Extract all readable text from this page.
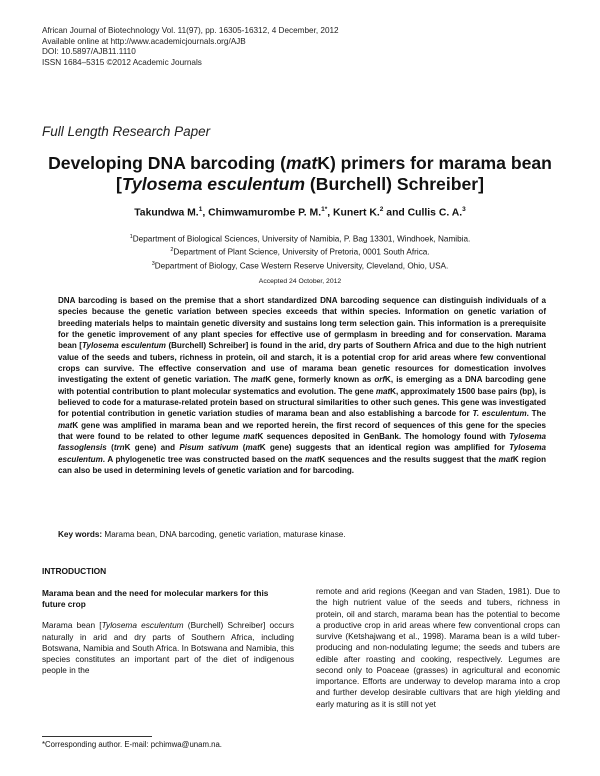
African Journal of Biotechnology Vol. 11(97), pp. 16305-16312, 4 December, 2012
Available online at http://www.academicjournals.org/AJB
DOI: 10.5897/AJB11.1110
ISSN 1684–5315 ©2012 Academic Journals
Full Length Research Paper
Developing DNA barcoding (matK) primers for marama bean [Tylosema esculentum (Burchell) Schreiber]
Takundwa M.$^1$, Chimwamurombe P. M.$^{1*}$, Kunert K.$^2$ and Cullis C. A.$^3$
$^1$Department of Biological Sciences, University of Namibia, P. Bag 13301, Windhoek, Namibia.
$^2$Department of Plant Science, University of Pretoria, 0001 South Africa.
$^3$Department of Biology, Case Western Reserve University, Cleveland, Ohio, USA.
Accepted 24 October, 2012
DNA barcoding is based on the premise that a short standardized DNA barcoding sequence can distinguish individuals of a species because the genetic variation between species exceeds that within species. Information on genetic variation of breeding materials helps to maintain genetic diversity and sustains long term selection gain. This information is a prerequisite for the genetic improvement of any plant species for effective use of germplasm in breeding and for conservation. Marama bean [Tylosema esculentum (Burchell) Schreiber] is found in the arid, dry parts of Southern Africa and due to the high nutrient value of the seeds and tubers, richness in protein, oil and starch, it is a potential crop for arid areas where few conventional crops can survive. The effective conservation and use of marama bean genetic resources for domestication involves investigating the extent of genetic variation. The matK gene, formerly known as orfK, is emerging as a DNA barcoding gene with potential contribution to plant molecular systematics and evolution. The gene matK, approximately 1500 base pairs (bp), is believed to code for a maturase-related protein based on structural similarities to other such genes. This gene was investigated for potential contribution in genetic variation studies of marama bean and also establishing a barcode for T. esculentum. The matK gene was amplified in marama bean and we reported herein, the first record of sequences of this gene for the species that were found to be related to other legume matK sequences deposited in GenBank. The homology found with Tylosema fassoglensis (trnK gene) and Pisum sativum (matK gene) suggests that an identical region was amplified for Tylosema esculentum. A phylogenetic tree was constructed based on the matK sequences and the results suggest that the matK region can also be used in determining levels of genetic variation and for barcoding.
Key words: Marama bean, DNA barcoding, genetic variation, maturase kinase.
INTRODUCTION
Marama bean and the need for molecular markers for this future crop
Marama bean [Tylosema esculentum (Burchell) Schreiber] occurs naturally in arid and dry parts of Southern Africa, including Botswana, Namibia and South Africa. In Botswana and Namibia, this species constitutes an important part of the diet of indigenous people in the
remote and arid regions (Keegan and van Staden, 1981). Due to the high nutrient value of the seeds and tubers, richness in protein, oil and starch, marama bean has the potential to become a productive crop in arid areas where few conventional crops can survive (Ketshajwang et al., 1998). Marama bean is a wild tuber-producing and non-nodulating legume; the seeds and tubers are edible after roasting and cooking, respectively. Legumes are second only to Poaceae (grasses) in agricultural and economic importance. Efforts are underway to develop marama into a crop and further develop desirable cultivars that are high yielding and early maturing as it is still not yet
*Corresponding author. E-mail: pchimwa@unam.na.
